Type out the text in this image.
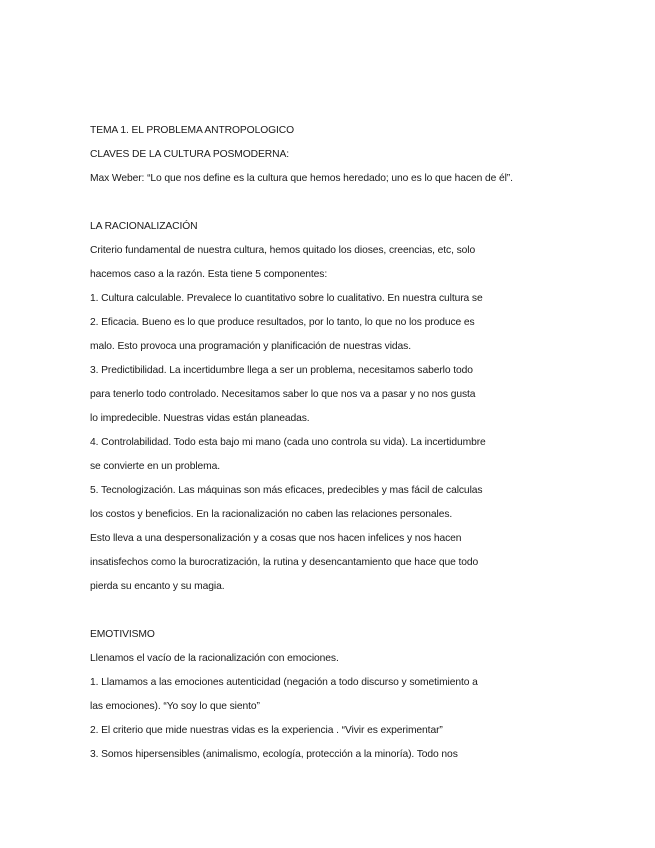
TEMA 1. EL PROBLEMA ANTROPOLOGICO
CLAVES DE LA CULTURA POSMODERNA:
Max Weber: “Lo que nos define es la cultura que hemos heredado; uno es lo que hacen de él”.
LA RACIONALIZACIÓN
Criterio fundamental de nuestra cultura, hemos quitado los dioses, creencias, etc, solo
hacemos caso a la razón. Esta tiene 5 componentes:
1. Cultura calculable. Prevalece lo cuantitativo sobre lo cualitativo. En nuestra cultura se
2. Eficacia. Bueno es lo que produce resultados, por lo tanto, lo que no los produce es
malo. Esto provoca una programación y planificación de nuestras vidas.
3. Predictibilidad. La incertidumbre llega a ser un problema, necesitamos saberlo todo
para tenerlo todo controlado. Necesitamos saber lo que nos va a pasar y no nos gusta
lo impredecible. Nuestras vidas están planeadas.
4. Controlabilidad. Todo esta bajo mi mano (cada uno controla su vida). La incertidumbre
se convierte en un problema.
5. Tecnologización. Las máquinas son más eficaces, predecibles y mas fácil de calculas
los costos y beneficios. En la racionalización no caben las relaciones personales.
Esto lleva a una despersonalización y a cosas que nos hacen infelices y nos hacen
insatisfechos como la burocratización, la rutina y desencantamiento que hace que todo
pierda su encanto y su magia.
EMOTIVISMO
Llenamos el vacío de la racionalización con emociones.
1. Llamamos a las emociones autenticidad (negación a todo discurso y sometimiento a
las emociones). “Yo soy lo que siento”
2. El criterio que mide nuestras vidas es la experiencia . “Vivir es experimentar”
3. Somos hipersensibles (animalismo, ecología, protección a la minoría). Todo nos
